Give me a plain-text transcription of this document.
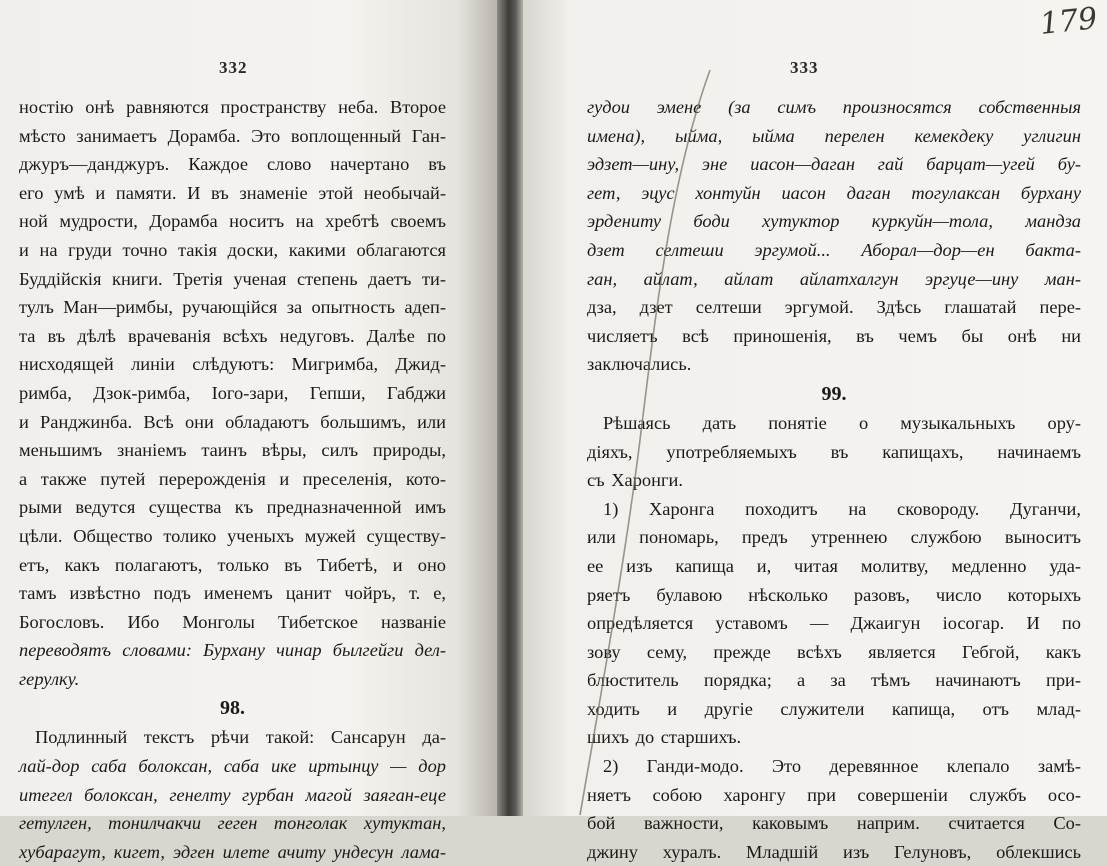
332
ностію онѣ равняются пространству неба. Второе
мѣсто занимаетъ Дорамба. Это воплощенный Ган-
джуръ—данджуръ. Каждое слово начертано въ
его умѣ и памяти. И въ знаменіе этой необычай-
ной мудрости, Дорамба носитъ на хребтѣ своемъ
и на груди точно такія доски, какими облагаются
Буддійскія книги. Третія ученая степень даетъ ти-
тулъ Ман—римбы, ручающійся за опытность адеп-
та въ дѣлѣ врачеванія всѣхъ недуговъ. Далѣе по
нисходящей линіи слѣдуютъ: Мигримба, Джид-
римба, Дзок-римба, Іого-зари, Гепши, Габджи
и Ранджинба. Всѣ они обладаютъ большимъ, или
меньшимъ знаніемъ таинъ вѣры, силъ природы,
а также путей перерожденія и преселенія, кото-
рыми ведутся существа къ предназначенной имъ
цѣли. Общество толико ученыхъ мужей существу-
етъ, какъ полагаютъ, только въ Тибетѣ, и оно
тамъ извѣстно подъ именемъ цанит чойръ, т. е,
Богословъ. Ибо Монголы Тибетское названіе
переводятъ словами: Бурхану чинар былгейги дел-
герулку.
98.
Подлинный текстъ рѣчи такой: Сансарун да-
лай-дор саба болоксан, саба ике иртынцу — дор
итегел болоксан, генелту гурбан магой заяган-еце
гетулген, тонилчакчи геген тонголак хутуктан,
хубарагут, кигет, эдген илете ачиту ундесун лама-
333
179
гудои эмене (за симъ произносятся собственныя
имена), ыйма, ыйма перелен кемекдеку углигин
эдзет—ину, эне иасон—даган гай барцат—угей бу-
гет, эцус хонтуйн иасон даган тогулаксан бурхану
эрдениту боди хутуктор куркуйн—тола, мандза
дзет селтеши эргумой... Аборал—дор—ен бакта-
ган, айлат, айлат айлатхалгун эргуце—ину ман-
дза, дзет селтеши эргумой. Здѣсь глашатай пере-
числяетъ всѣ приношенія, въ чемъ бы онѣ ни
заключались.
99.
Рѣшаясь дать понятіе о музыкальныхъ ору-
діяхъ, употребляемыхъ въ капищахъ, начинаемъ
съ Харонги.
1) Харонга походитъ на сковороду. Дуганчи,
или пономарь, предъ утреннею службою выноситъ
ее изъ капища и, читая молитву, медленно уда-
ряетъ булавою нѣсколько разовъ, число которыхъ
опредѣляется уставомъ — Джаигун іосогар. И по
зову сему, прежде всѣхъ является Гебгой, какъ
блюститель порядка; а за тѣмъ начинаютъ при-
ходить и другіе служители капища, отъ млад-
шихъ до старшихъ.
2) Ганди-модо. Это деревянное клепало замѣ-
няетъ собою харонгу при совершеніи службъ осо-
бой важности, каковымъ наприм. считается Со-
джину хуралъ. Младшій изъ Гелуновъ, облекшись
